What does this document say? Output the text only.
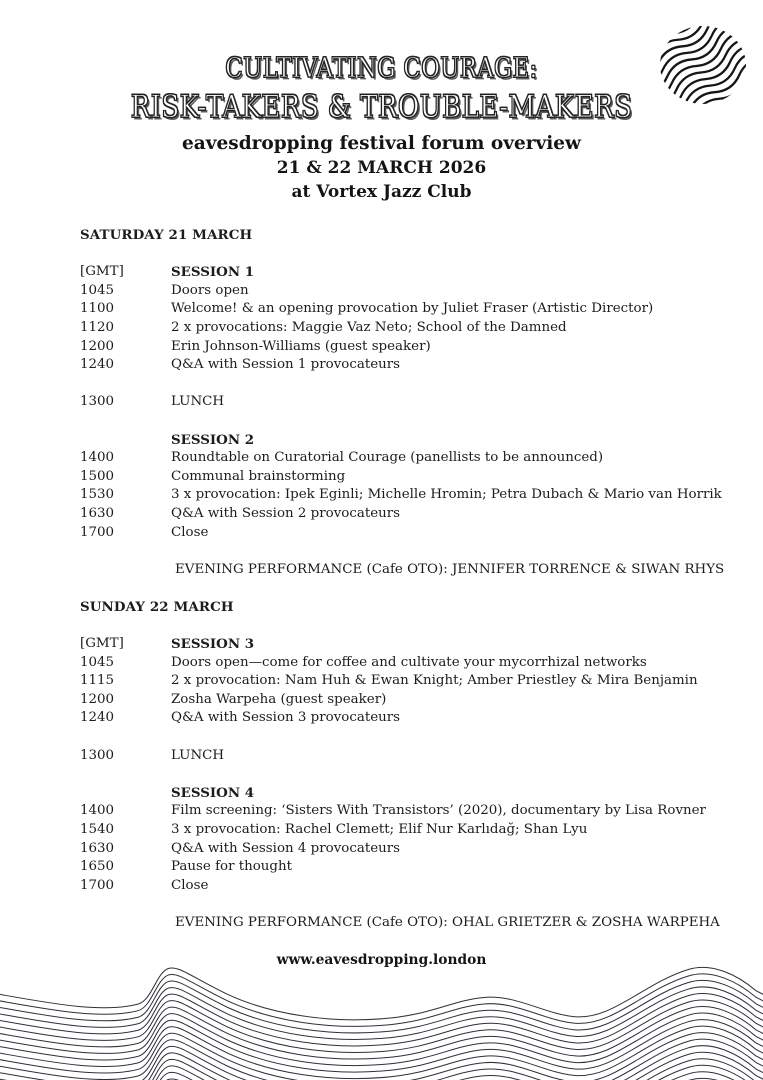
CULTIVATING COURAGE:
RISK-TAKERS & TROUBLE-MAKERS
eavesdropping festival forum overview
21 & 22 MARCH 2026
at Vortex Jazz Club
SATURDAY 21 MARCH
[GMT]	SESSION 1
1045	Doors open
1100	Welcome! & an opening provocation by Juliet Fraser (Artistic Director)
1120	2 x provocations: Maggie Vaz Neto; School of the Damned
1200	Erin Johnson-Williams (guest speaker)
1240	Q&A with Session 1 provocateurs
1300	LUNCH
SESSION 2
1400	Roundtable on Curatorial Courage (panellists to be announced)
1500	Communal brainstorming
1530	3 x provocation: Ipek Eginli; Michelle Hromin; Petra Dubach & Mario van Horrik
1630	Q&A with Session 2 provocateurs
1700	Close
EVENING PERFORMANCE (Cafe OTO): JENNIFER TORRENCE & SIWAN RHYS
SUNDAY 22 MARCH
[GMT]	SESSION 3
1045	Doors open—come for coffee and cultivate your mycorrhizal networks
1115	2 x provocation: Nam Huh & Ewan Knight; Amber Priestley & Mira Benjamin
1200	Zosha Warpeha (guest speaker)
1240	Q&A with Session 3 provocateurs
1300	LUNCH
SESSION 4
1400	Film screening: ‘Sisters With Transistors’ (2020), documentary by Lisa Rovner
1540	3 x provocation: Rachel Clemett; Elif Nur Karlıdağ; Shan Lyu
1630	Q&A with Session 4 provocateurs
1650	Pause for thought
1700	Close
EVENING PERFORMANCE (Cafe OTO): OHAL GRIETZER & ZOSHA WARPEHA
www.eavesdropping.london
